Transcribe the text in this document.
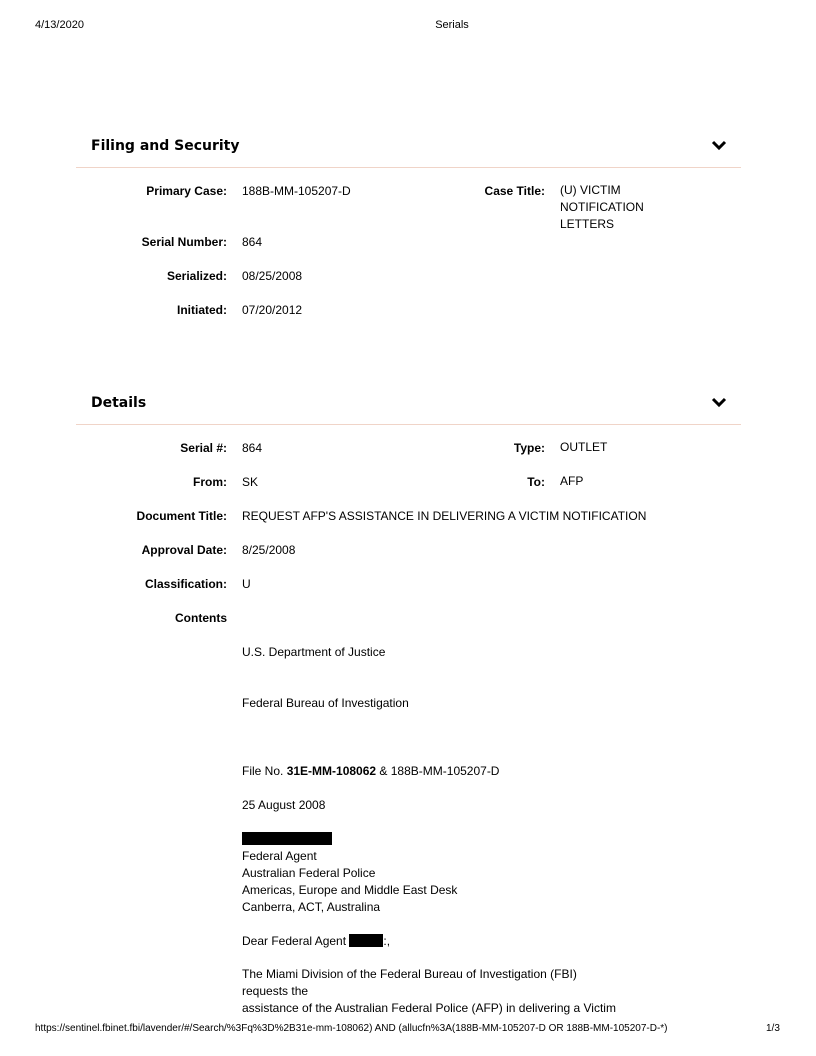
4/13/2020	Serials
Filing and Security
Primary Case: 188B-MM-105207-D	Case Title: (U) VICTIM NOTIFICATION LETTERS
Serial Number: 864
Serialized: 08/25/2008
Initiated: 07/20/2012
Details
Serial #: 864	Type: OUTLET
From: SK	To: AFP
Document Title: REQUEST AFP'S ASSISTANCE IN DELIVERING A VICTIM NOTIFICATION
Approval Date: 8/25/2008
Classification: U
Contents
U.S. Department of Justice
Federal Bureau of Investigation
File No. 31E-MM-108062 & 188B-MM-105207-D
25 August 2008
Federal Agent
Australian Federal Police
Americas, Europe and Middle East Desk
Canberra, ACT, Australina
Dear Federal Agent	:,
The Miami Division of the Federal Bureau of Investigation (FBI)
requests the
assistance of the Australian Federal Police (AFP) in delivering a Victim
https://sentinel.fbinet.fbi/lavender/#/Search/%3Fq%3D%2B31e-mm-108062) AND (allucfn%3A(188B-MM-105207-D OR 188B-MM-105207-D-*)	1/3
